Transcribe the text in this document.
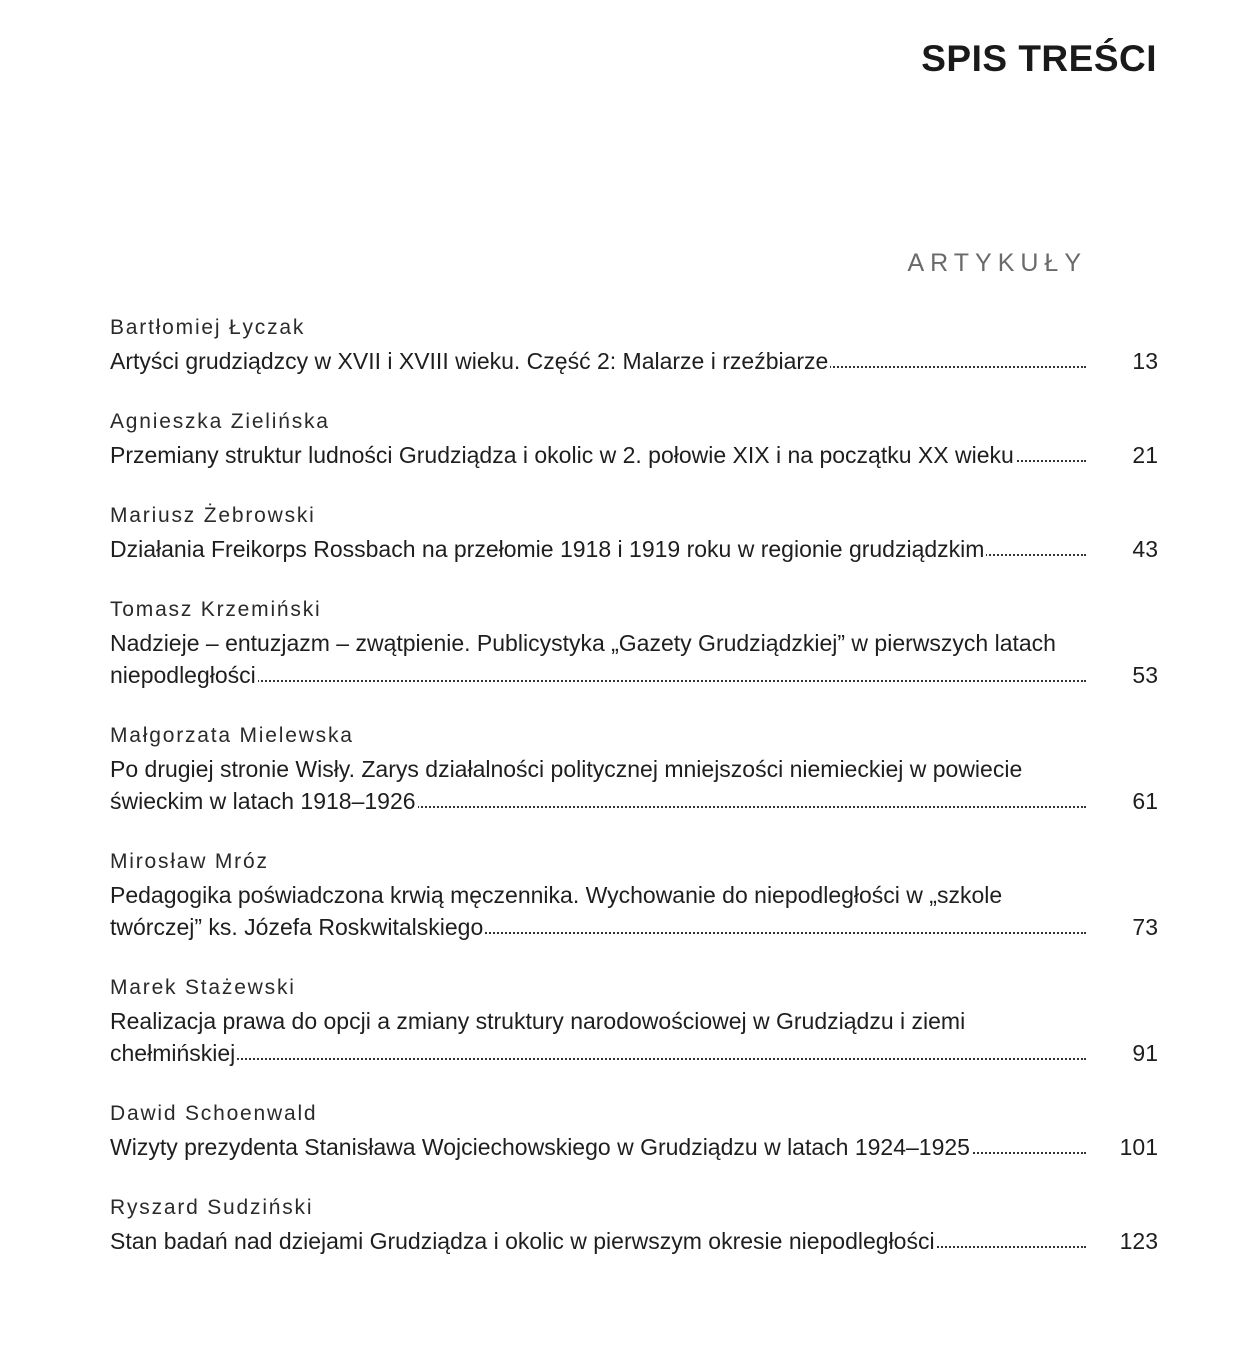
SPIS TREŚCI
ARTYKUŁY
Bartłomiej Łyczak
Artyści grudziądzcy w XVII i XVIII wieku. Część 2: Malarze i rzeźbiarze	13
Agnieszka Zielińska
Przemiany struktur ludności Grudziądza i okolic w 2. połowie XIX i na początku XX wieku	21
Mariusz Żebrowski
Działania Freikorps Rossbach na przełomie 1918 i 1919 roku w regionie grudziądzkim	43
Tomasz Krzemiński
Nadzieje – entuzjazm – zwątpienie. Publicystyka „Gazety Grudziądzkiej” w pierwszych latach niepodległości	53
Małgorzata Mielewska
Po drugiej stronie Wisły. Zarys działalności politycznej mniejszości niemieckiej w powiecie świeckim w latach 1918–1926	61
Mirosław Mróz
Pedagogika poświadczona krwią męczennika. Wychowanie do niepodległości w „szkole twórczej” ks. Józefa Roskwitalskiego	73
Marek Stażewski
Realizacja prawa do opcji a zmiany struktury narodowościowej w Grudziądzu i ziemi chełmińskiej	91
Dawid Schoenwald
Wizyty prezydenta Stanisława Wojciechowskiego w Grudziądzu w latach 1924–1925	101
Ryszard Sudziński
Stan badań nad dziejami Grudziądza i okolic w pierwszym okresie niepodległości	123
